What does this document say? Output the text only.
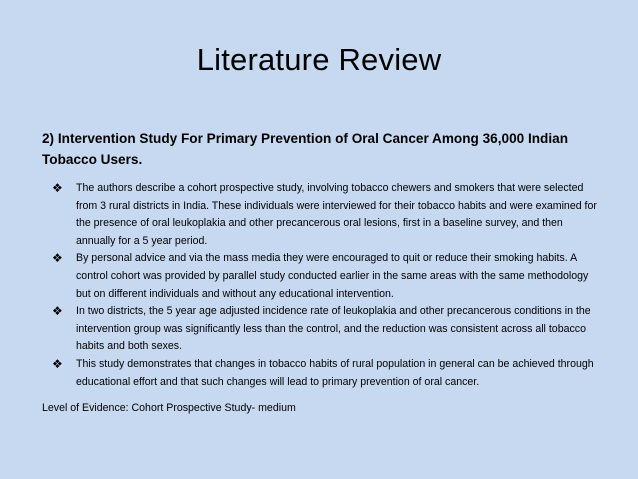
Literature Review
2) Intervention Study For Primary Prevention of Oral Cancer Among 36,000 Indian Tobacco Users.
❖ The authors describe a cohort prospective study, involving tobacco chewers and smokers that were selected from 3 rural districts in India. These individuals were interviewed for their tobacco habits and were examined for the presence of oral leukoplakia and other precancerous oral lesions, first in a baseline survey, and then annually for a 5 year period.
❖ By personal advice and via the mass media they were encouraged to quit or reduce their smoking habits. A control cohort was provided by parallel study conducted earlier in the same areas with the same methodology but on different individuals and without any educational intervention.
❖ In two districts, the 5 year age adjusted incidence rate of leukoplakia and other precancerous conditions in the intervention group was significantly less than the control, and the reduction was consistent across all tobacco habits and both sexes.
❖ This study demonstrates that changes in tobacco habits of rural population in general can be achieved through educational effort and that such changes will lead to primary prevention of oral cancer.
Level of Evidence: Cohort Prospective Study- medium
